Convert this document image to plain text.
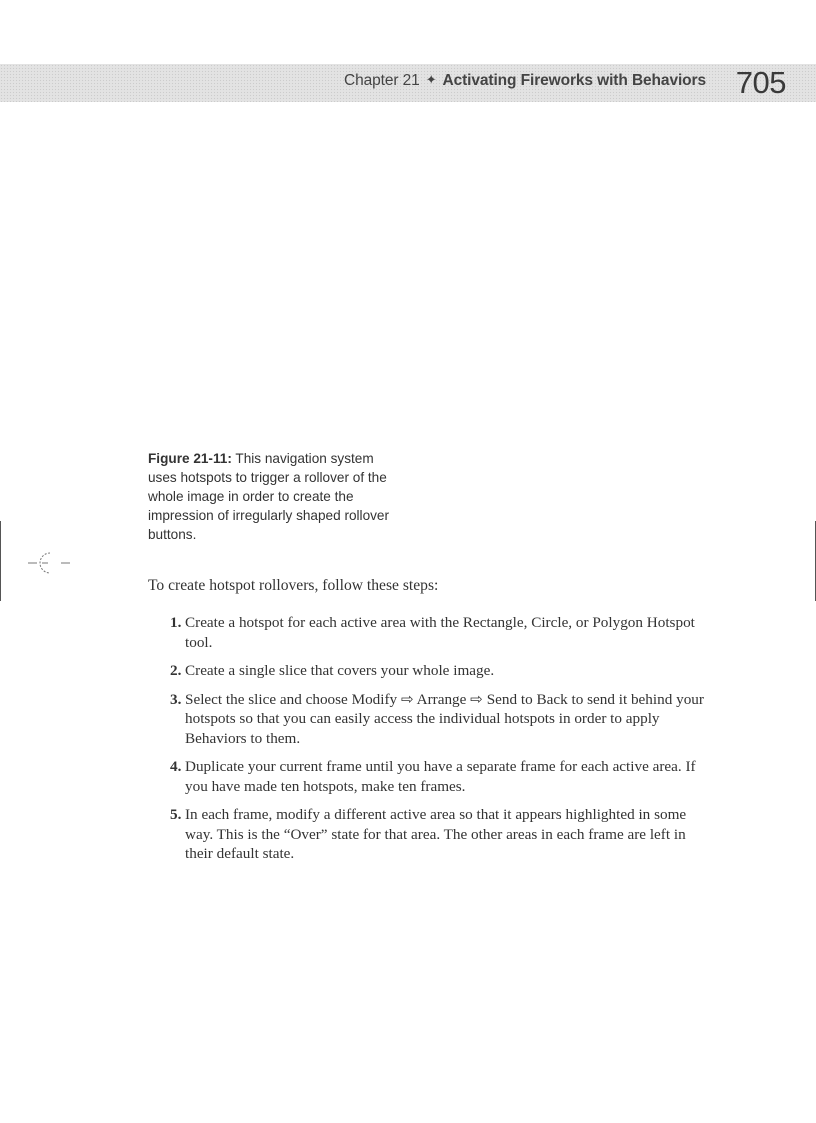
Chapter 21 ✦ Activating Fireworks with Behaviors 705
Figure 21-11: This navigation system uses hotspots to trigger a rollover of the whole image in order to create the impression of irregularly shaped rollover buttons.
To create hotspot rollovers, follow these steps:
1. Create a hotspot for each active area with the Rectangle, Circle, or Polygon Hotspot tool.
2. Create a single slice that covers your whole image.
3. Select the slice and choose Modify ⇨ Arrange ⇨ Send to Back to send it behind your hotspots so that you can easily access the individual hotspots in order to apply Behaviors to them.
4. Duplicate your current frame until you have a separate frame for each active area. If you have made ten hotspots, make ten frames.
5. In each frame, modify a different active area so that it appears highlighted in some way. This is the “Over” state for that area. The other areas in each frame are left in their default state.
